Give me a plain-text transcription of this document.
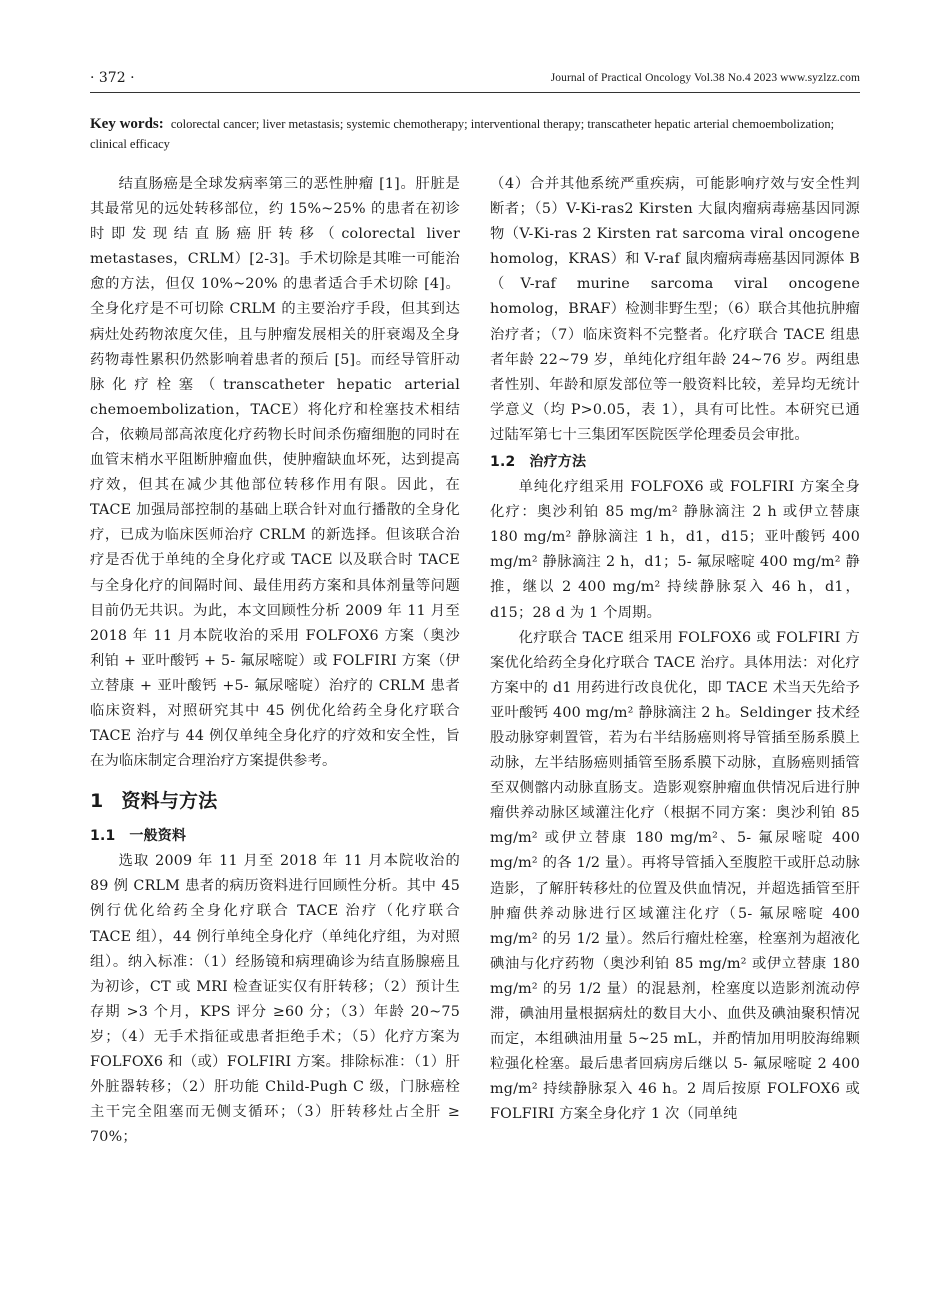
· 372 ·	Journal of Practical Oncology Vol.38 No.4 2023 www.syzlzz.com
Key words: colorectal cancer; liver metastasis; systemic chemotherapy; interventional therapy; transcatheter hepatic arterial chemoembolization; clinical efficacy

结直肠癌是全球发病率第三的恶性肿瘤 [1]。肝脏是其最常见的远处转移部位，约 15%~25% 的患者在初诊时即发现结直肠癌肝转移（colorectal liver metastases，CRLM）[2-3]。手术切除是其唯一可能治愈的方法，但仅 10%~20% 的患者适合手术切除 [4]。全身化疗是不可切除 CRLM 的主要治疗手段，但其到达病灶处药物浓度欠佳，且与肿瘤发展相关的肝衰竭及全身药物毒性累积仍然影响着患者的预后 [5]。而经导管肝动脉化疗栓塞（transcatheter hepatic arterial chemoembolization，TACE）将化疗和栓塞技术相结合，依赖局部高浓度化疗药物长时间杀伤瘤细胞的同时在血管末梢水平阻断肿瘤血供，使肿瘤缺血坏死，达到提高疗效，但其在减少其他部位转移作用有限。因此，在 TACE 加强局部控制的基础上联合针对血行播散的全身化疗，已成为临床医师治疗 CRLM 的新选择。但该联合治疗是否优于单纯的全身化疗或 TACE 以及联合时 TACE 与全身化疗的间隔时间、最佳用药方案和具体剂量等问题目前仍无共识。为此，本文回顾性分析 2009 年 11 月至 2018 年 11 月本院收治的采用 FOLFOX6 方案（奥沙利铂 + 亚叶酸钙 + 5- 氟尿嘧啶）或 FOLFIRI 方案（伊立替康 + 亚叶酸钙 +5- 氟尿嘧啶）治疗的 CRLM 患者临床资料，对照研究其中 45 例优化给药全身化疗联合 TACE 治疗与 44 例仅单纯全身化疗的疗效和安全性，旨在为临床制定合理治疗方案提供参考。

1 资料与方法
1.1 一般资料

选取 2009 年 11 月至 2018 年 11 月本院收治的 89 例 CRLM 患者的病历资料进行回顾性分析。其中 45 例行优化给药全身化疗联合 TACE 治疗（化疗联合 TACE 组），44 例行单纯全身化疗（单纯化疗组，为对照组）。纳入标准：（1）经肠镜和病理确诊为结直肠腺癌且为初诊，CT 或 MRI 检查证实仅有肝转移；（2）预计生存期 >3 个月，KPS 评分 ≥60 分；（3）年龄 20~75 岁；（4）无手术指征或患者拒绝手术；（5）化疗方案为 FOLFOX6 和（或）FOLFIRI 方案。排除标准：（1）肝外脏器转移；（2）肝功能 Child-Pugh C 级，门脉癌栓主干完全阻塞而无侧支循环；（3）肝转移灶占全肝 ≥ 70%；

（4）合并其他系统严重疾病，可能影响疗效与安全性判断者；（5）V-Ki-ras2 Kirsten 大鼠肉瘤病毒癌基因同源物（V-Ki-ras 2 Kirsten rat sarcoma viral oncogene homolog，KRAS）和 V-raf 鼠肉瘤病毒癌基因同源体 B（V-raf murine sarcoma viral oncogene homolog，BRAF）检测非野生型；（6）联合其他抗肿瘤治疗者；（7）临床资料不完整者。化疗联合 TACE 组患者年龄 22~79 岁，单纯化疗组年龄 24~76 岁。两组患者性别、年龄和原发部位等一般资料比较，差异均无统计学意义（均 P>0.05，表 1），具有可比性。本研究已通过陆军第七十三集团军医院医学伦理委员会审批。

1.2 治疗方法

单纯化疗组采用 FOLFOX6 或 FOLFIRI 方案全身化疗：奥沙利铂 85 mg/m² 静脉滴注 2 h 或伊立替康 180 mg/m² 静脉滴注 1 h，d1，d15；亚叶酸钙 400 mg/m² 静脉滴注 2 h，d1；5- 氟尿嘧啶 400 mg/m² 静推，继以 2 400 mg/m² 持续静脉泵入 46 h，d1，d15；28 d 为 1 个周期。

化疗联合 TACE 组采用 FOLFOX6 或 FOLFIRI 方案优化给药全身化疗联合 TACE 治疗。具体用法：对化疗方案中的 d1 用药进行改良优化，即 TACE 术当天先给予亚叶酸钙 400 mg/m² 静脉滴注 2 h。Seldinger 技术经股动脉穿刺置管，若为右半结肠癌则将导管插至肠系膜上动脉，左半结肠癌则插管至肠系膜下动脉，直肠癌则插管至双侧髂内动脉直肠支。造影观察肿瘤血供情况后进行肿瘤供养动脉区域灌注化疗（根据不同方案：奥沙利铂 85 mg/m² 或伊立替康 180 mg/m²、5- 氟尿嘧啶 400 mg/m² 的各 1/2 量）。再将导管插入至腹腔干或肝总动脉造影，了解肝转移灶的位置及供血情况，并超选插管至肝肿瘤供养动脉进行区域灌注化疗（5- 氟尿嘧啶 400 mg/m² 的另 1/2 量）。然后行瘤灶栓塞，栓塞剂为超液化碘油与化疗药物（奥沙利铂 85 mg/m² 或伊立替康 180 mg/m² 的另 1/2 量）的混悬剂，栓塞度以造影剂流动停滞，碘油用量根据病灶的数目大小、血供及碘油聚积情况而定，本组碘油用量 5~25 mL，并酌情加用明胶海绵颗粒强化栓塞。最后患者回病房后继以 5- 氟尿嘧啶 2 400 mg/m² 持续静脉泵入 46 h。2 周后按原 FOLFOX6 或 FOLFIRI 方案全身化疗 1 次（同单纯
